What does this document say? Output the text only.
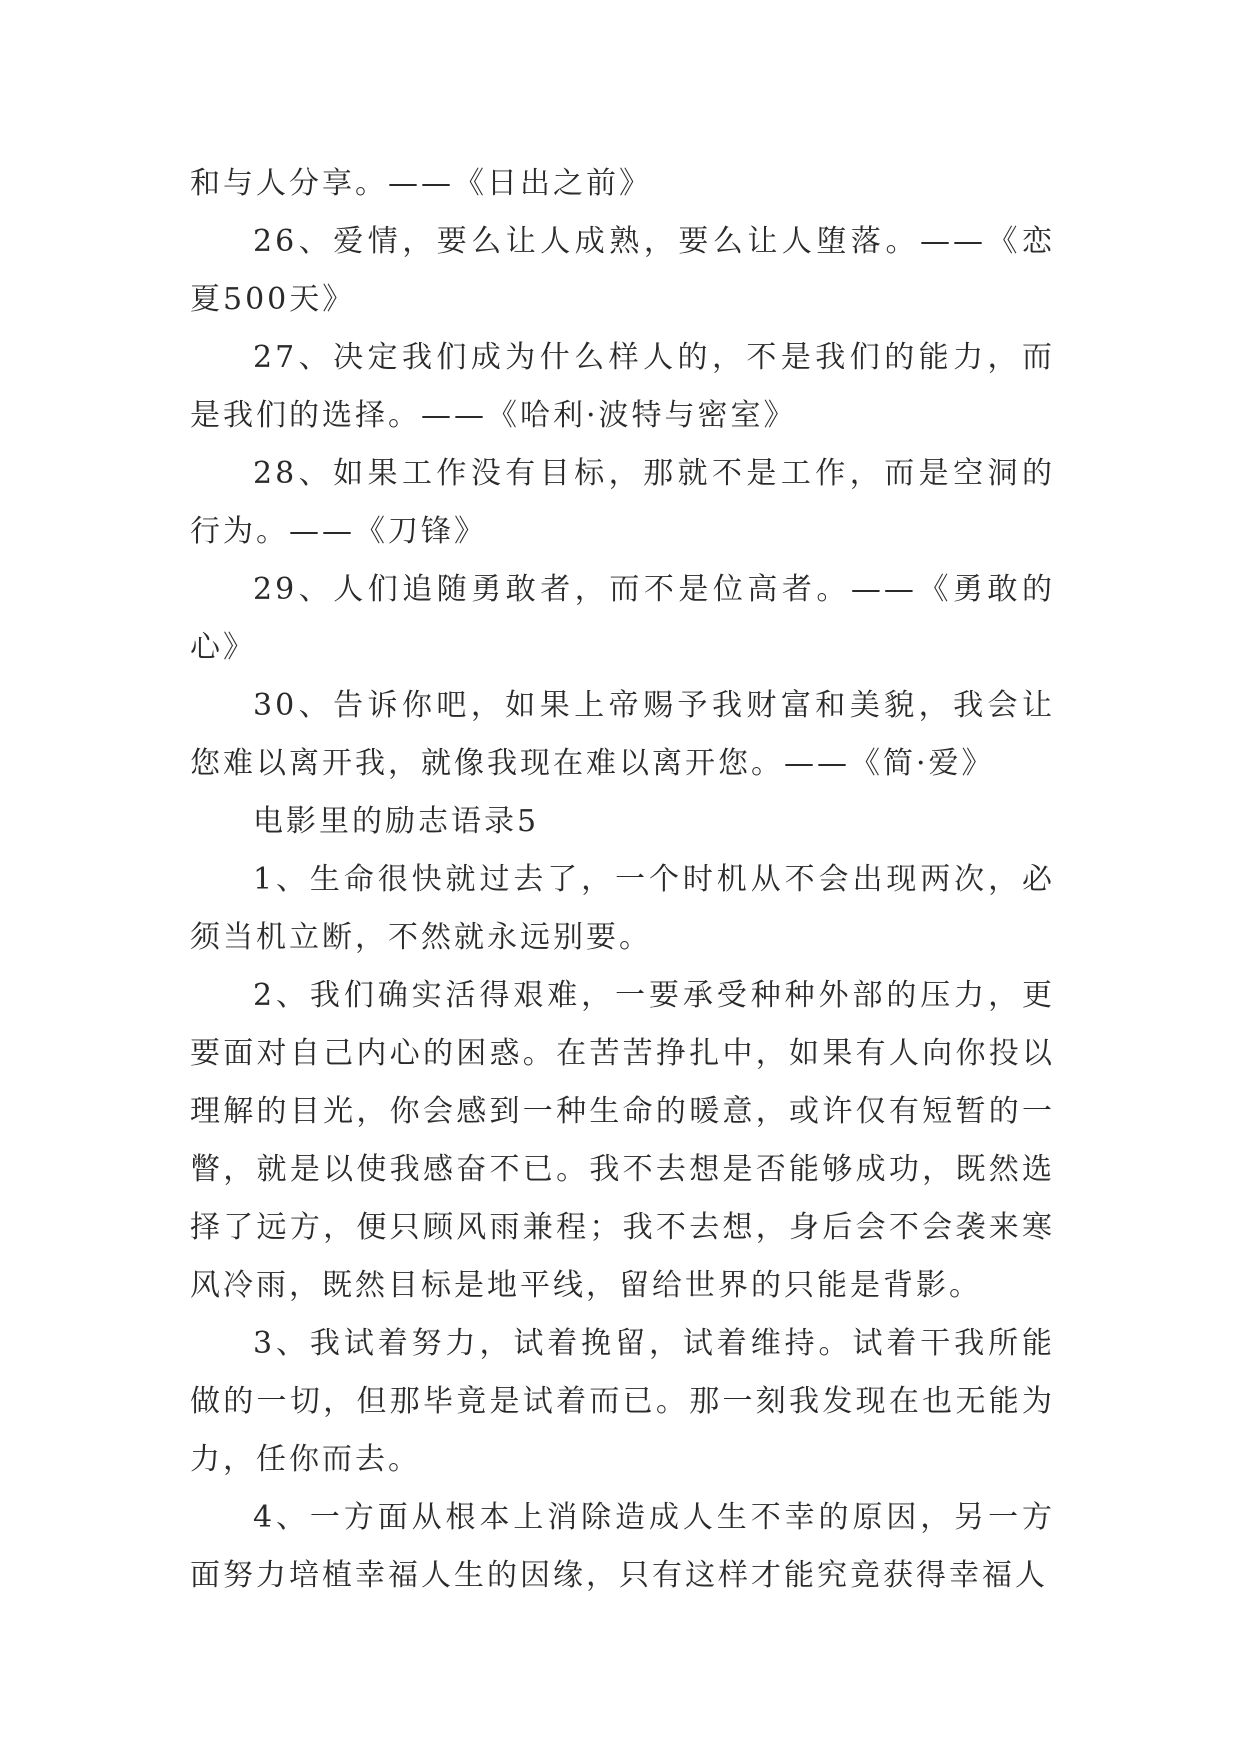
和与人分享。——《日出之前》

26、爱情，要么让人成熟，要么让人堕落。——《恋夏500天》

27、决定我们成为什么样人的，不是我们的能力，而是我们的选择。——《哈利·波特与密室》

28、如果工作没有目标，那就不是工作，而是空洞的行为。——《刀锋》

29、人们追随勇敢者，而不是位高者。——《勇敢的心》

30、告诉你吧，如果上帝赐予我财富和美貌，我会让您难以离开我，就像我现在难以离开您。——《简·爱》

电影里的励志语录5

1、生命很快就过去了，一个时机从不会出现两次，必须当机立断，不然就永远别要。

2、我们确实活得艰难，一要承受种种外部的压力，更要面对自己内心的困惑。在苦苦挣扎中，如果有人向你投以理解的目光，你会感到一种生命的暖意，或许仅有短暂的一瞥，就是以使我感奋不已。我不去想是否能够成功，既然选择了远方，便只顾风雨兼程；我不去想，身后会不会袭来寒风冷雨，既然目标是地平线，留给世界的只能是背影。

3、我试着努力，试着挽留，试着维持。试着干我所能做的一切，但那毕竟是试着而已。那一刻我发现在也无能为力，任你而去。

4、一方面从根本上消除造成人生不幸的原因，另一方面努力培植幸福人生的因缘，只有这样才能究竟获得幸福人
